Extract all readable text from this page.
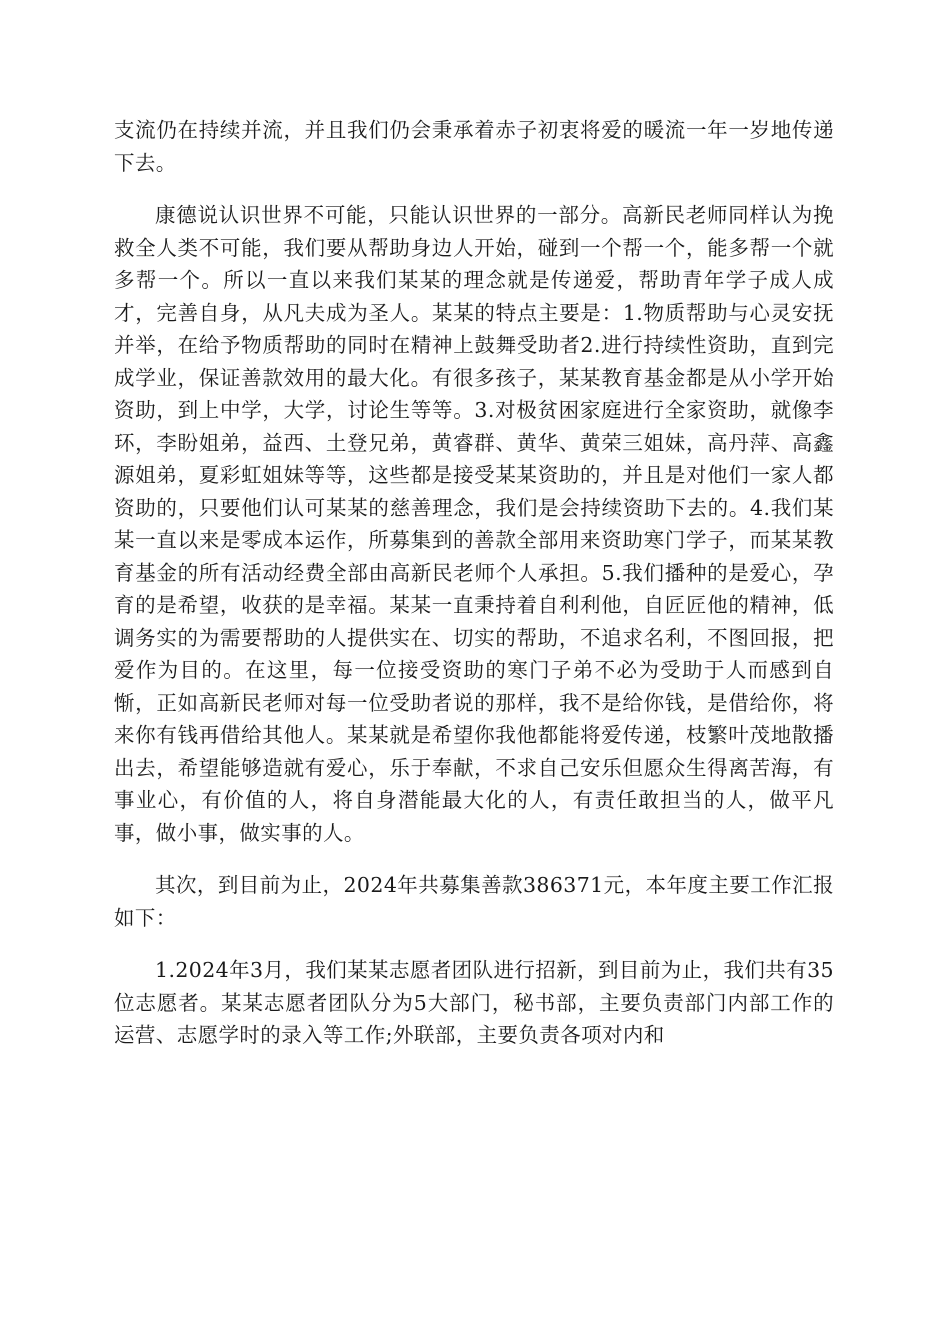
支流仍在持续并流，并且我们仍会秉承着赤子初衷将爱的暖流一年一岁地传递下去。

康德说认识世界不可能，只能认识世界的一部分。高新民老师同样认为挽救全人类不可能，我们要从帮助身边人开始，碰到一个帮一个，能多帮一个就多帮一个。所以一直以来我们某某的理念就是传递爱，帮助青年学子成人成才，完善自身，从凡夫成为圣人。某某的特点主要是：1.物质帮助与心灵安抚并举，在给予物质帮助的同时在精神上鼓舞受助者2.进行持续性资助，直到完成学业，保证善款效用的最大化。有很多孩子，某某教育基金都是从小学开始资助，到上中学，大学，讨论生等等。3.对极贫困家庭进行全家资助，就像李环，李盼姐弟，益西、土登兄弟，黄睿群、黄华、黄荣三姐妹，高丹萍、高鑫源姐弟，夏彩虹姐妹等等，这些都是接受某某资助的，并且是对他们一家人都资助的，只要他们认可某某的慈善理念，我们是会持续资助下去的。4.我们某某一直以来是零成本运作，所募集到的善款全部用来资助寒门学子，而某某教育基金的所有活动经费全部由高新民老师个人承担。5.我们播种的是爱心，孕育的是希望，收获的是幸福。某某一直秉持着自利利他，自匠匠他的精神，低调务实的为需要帮助的人提供实在、切实的帮助，不追求名利，不图回报，把爱作为目的。在这里，每一位接受资助的寒门子弟不必为受助于人而感到自惭，正如高新民老师对每一位受助者说的那样，我不是给你钱，是借给你，将来你有钱再借给其他人。某某就是希望你我他都能将爱传递，枝繁叶茂地散播出去，希望能够造就有爱心，乐于奉献，不求自己安乐但愿众生得离苦海，有事业心，有价值的人，将自身潜能最大化的人，有责任敢担当的人，做平凡事，做小事，做实事的人。

其次，到目前为止，2024年共募集善款386371元，本年度主要工作汇报如下：

1.2024年3月，我们某某志愿者团队进行招新，到目前为止，我们共有35位志愿者。某某志愿者团队分为5大部门，秘书部，主要负责部门内部工作的运营、志愿学时的录入等工作;外联部，主要负责各项对内和
